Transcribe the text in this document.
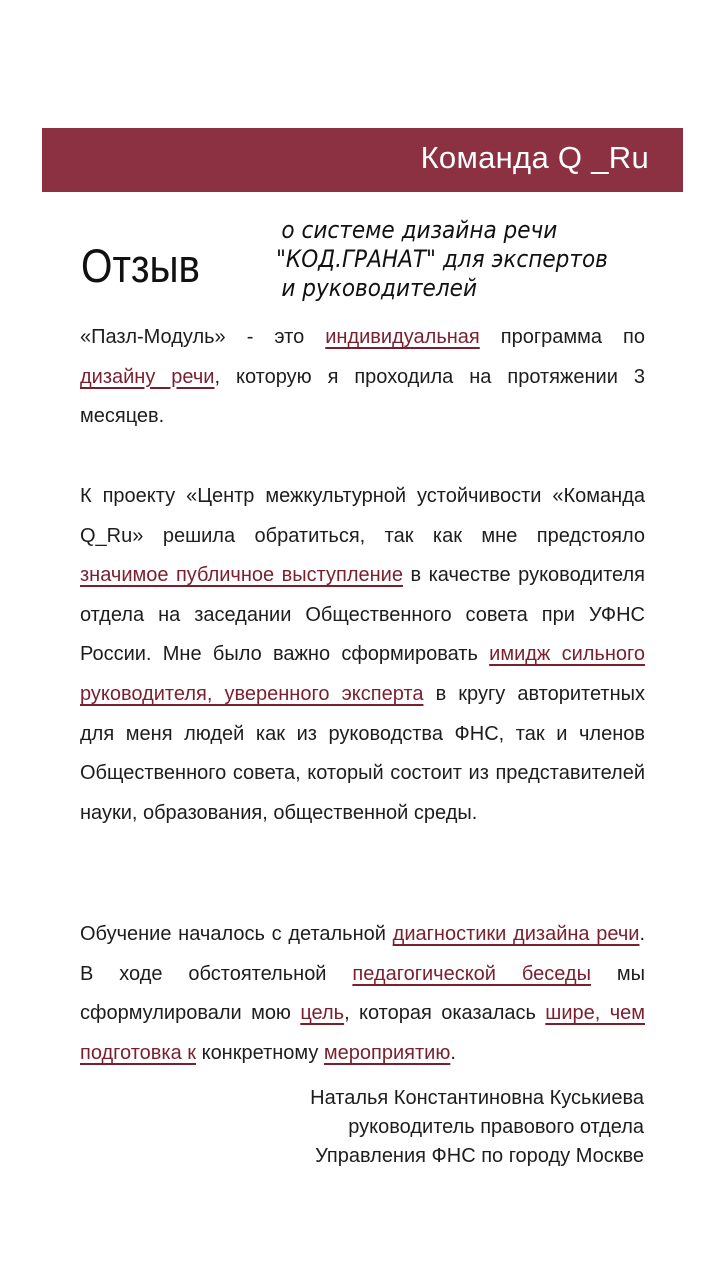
Команда Q _Ru
Отзыв
о системе дизайна речи
"КОД.ГРАНАТ" для экспертов
и руководителей
«Пазл-Модуль» - это индивидуальная программа по дизайну речи, которую я проходила на протяжении 3 месяцев.
К проекту «Центр межкультурной устойчивости «Команда Q_Ru» решила обратиться, так как мне предстояло значимое публичное выступление в качестве руководителя отдела на заседании Общественного совета при УФНС России. Мне было важно сформировать имидж сильного руководителя, уверенного эксперта в кругу авторитетных для меня людей как из руководства ФНС, так и членов Общественного совета, который состоит из представителей науки, образования, общественной среды.
Обучение началось с детальной диагностики дизайна речи. В ходе обстоятельной педагогической беседы мы сформулировали мою цель, которая оказалась шире, чем подготовка к конкретному мероприятию.
Наталья Константиновна Куськиева
руководитель правового отдела
Управления ФНС по городу Москве
